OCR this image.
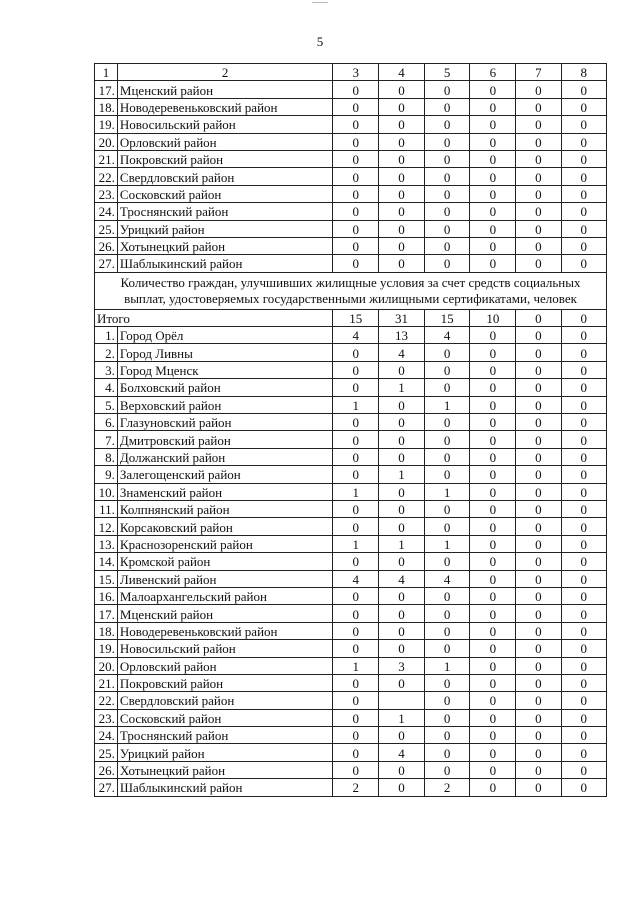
5
1	2	3	4	5	6	7	8
17.	Мценский район	0	0	0	0	0	0
18.	Новодеревеньковский район	0	0	0	0	0	0
19.	Новосильский район	0	0	0	0	0	0
20.	Орловский район	0	0	0	0	0	0
21.	Покровский район	0	0	0	0	0	0
22.	Свердловский район	0	0	0	0	0	0
23.	Сосковский район	0	0	0	0	0	0
24.	Троснянский район	0	0	0	0	0	0
25.	Урицкий район	0	0	0	0	0	0
26.	Хотынецкий район	0	0	0	0	0	0
27.	Шаблыкинский район	0	0	0	0	0	0
Количество граждан, улучшивших жилищные условия за счет средств социальных выплат, удостоверяемых государственными жилищными сертификатами, человек							
Итого		15	31	15	10	0	0
1.	Город Орёл	4	13	4	0	0	0
2.	Город Ливны	0	4	0	0	0	0
3.	Город Мценск	0	0	0	0	0	0
4.	Болховский район	0	1	0	0	0	0
5.	Верховский район	1	0	1	0	0	0
6.	Глазуновский район	0	0	0	0	0	0
7.	Дмитровский район	0	0	0	0	0	0
8.	Должанский район	0	0	0	0	0	0
9.	Залегощенский район	0	1	0	0	0	0
10.	Знаменский район	1	0	1	0	0	0
11.	Колпнянский район	0	0	0	0	0	0
12.	Корсаковский район	0	0	0	0	0	0
13.	Краснозоренский район	1	1	1	0	0	0
14.	Кромской район	0	0	0	0	0	0
15.	Ливенский район	4	4	4	0	0	0
16.	Малоархангельский район	0	0	0	0	0	0
17.	Мценский район	0	0	0	0	0	0
18.	Новодеревеньковский район	0	0	0	0	0	0
19.	Новосильский район	0	0	0	0	0	0
20.	Орловский район	1	3	1	0	0	0
21.	Покровский район	0	0	0	0	0	0
22.	Свердловский район	0		0	0	0	0
23.	Сосковский район	0	1	0	0	0	0
24.	Троснянский район	0	0	0	0	0	0
25.	Урицкий район	0	4	0	0	0	0
26.	Хотынецкий район	0	0	0	0	0	0
27.	Шаблыкинский район	2	0	2	0	0	0
